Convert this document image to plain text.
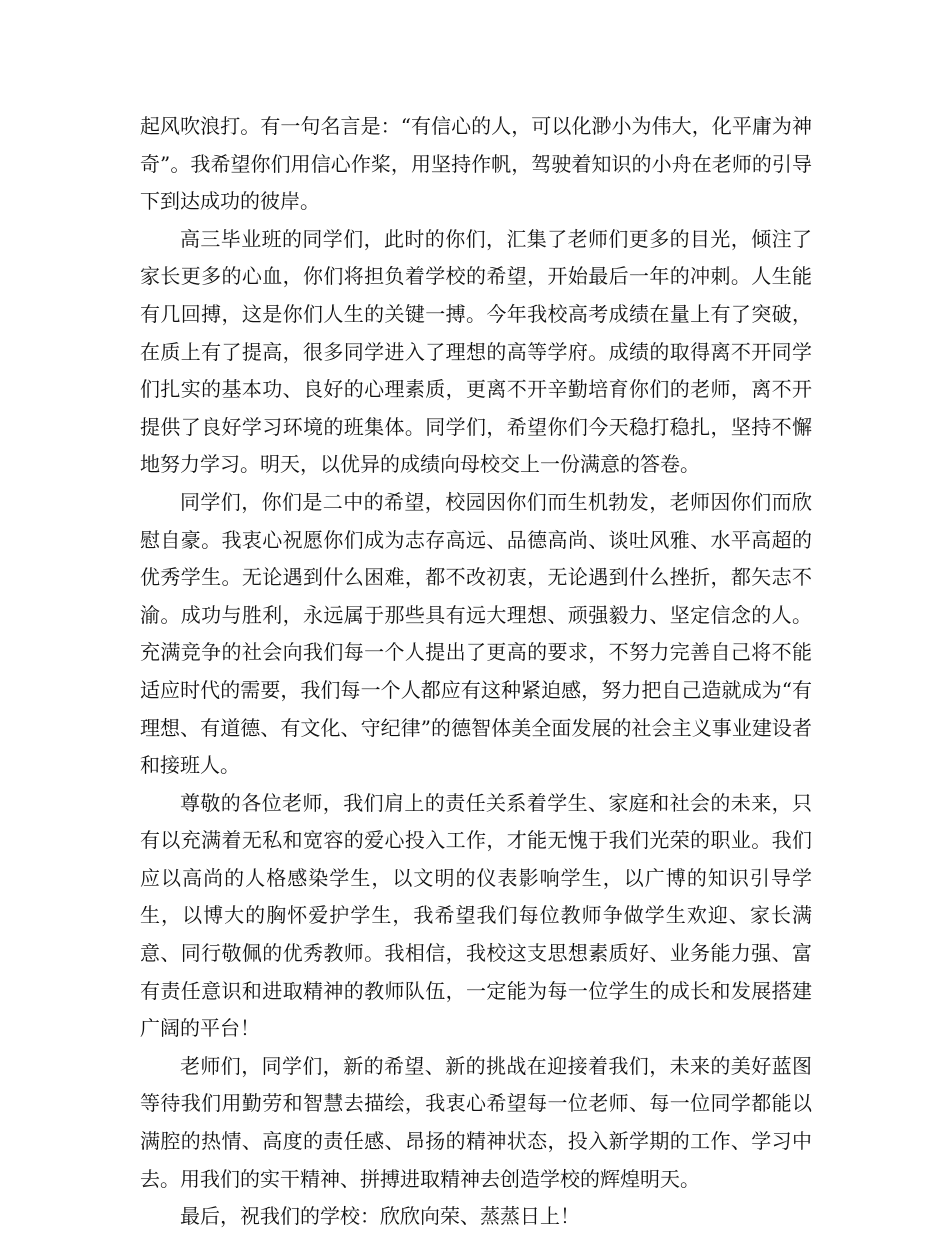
起风吹浪打。有一句名言是：“有信心的人，可以化渺小为伟大，化平庸为神奇”。我希望你们用信心作桨，用坚持作帆，驾驶着知识的小舟在老师的引导下到达成功的彼岸。

高三毕业班的同学们，此时的你们，汇集了老师们更多的目光，倾注了家长更多的心血，你们将担负着学校的希望，开始最后一年的冲刺。人生能有几回搏，这是你们人生的关键一搏。今年我校高考成绩在量上有了突破，在质上有了提高，很多同学进入了理想的高等学府。成绩的取得离不开同学们扎实的基本功、良好的心理素质，更离不开辛勤培育你们的老师，离不开提供了良好学习环境的班集体。同学们，希望你们今天稳打稳扎，坚持不懈地努力学习。明天，以优异的成绩向母校交上一份满意的答卷。

同学们，你们是二中的希望，校园因你们而生机勃发，老师因你们而欣慰自豪。我衷心祝愿你们成为志存高远、品德高尚、谈吐风雅、水平高超的优秀学生。无论遇到什么困难，都不改初衷，无论遇到什么挫折，都矢志不渝。成功与胜利，永远属于那些具有远大理想、顽强毅力、坚定信念的人。充满竞争的社会向我们每一个人提出了更高的要求，不努力完善自己将不能适应时代的需要，我们每一个人都应有这种紧迫感，努力把自己造就成为“有理想、有道德、有文化、守纪律”的德智体美全面发展的社会主义事业建设者和接班人。

尊敬的各位老师，我们肩上的责任关系着学生、家庭和社会的未来，只有以充满着无私和宽容的爱心投入工作，才能无愧于我们光荣的职业。我们应以高尚的人格感染学生，以文明的仪表影响学生，以广博的知识引导学生，以博大的胸怀爱护学生，我希望我们每位教师争做学生欢迎、家长满意、同行敬佩的优秀教师。我相信，我校这支思想素质好、业务能力强、富有责任意识和进取精神的教师队伍，一定能为每一位学生的成长和发展搭建广阔的平台！

老师们，同学们，新的希望、新的挑战在迎接着我们，未来的美好蓝图等待我们用勤劳和智慧去描绘，我衷心希望每一位老师、每一位同学都能以满腔的热情、高度的责任感、昂扬的精神状态，投入新学期的工作、学习中去。用我们的实干精神、拼搏进取精神去创造学校的辉煌明天。

最后，祝我们的学校：欣欣向荣、蒸蒸日上！
